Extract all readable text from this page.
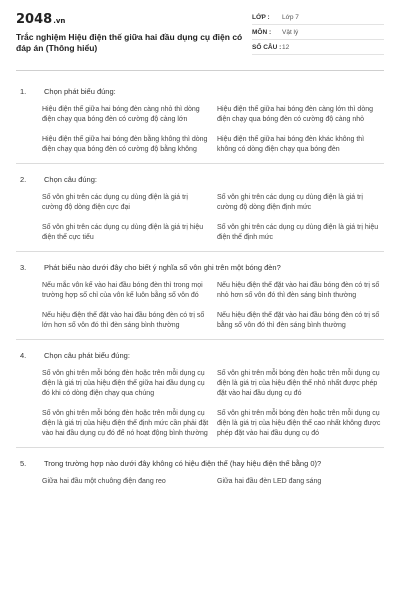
2048.vn
Trắc nghiệm Hiệu điện thế giữa hai đầu dụng cụ điện có đáp án (Thông hiểu)
LỚP :	Lớp 7
MÔN :	Vật lý
SỐ CÂU : 12
1.	Chọn phát biểu đúng:
Hiệu điện thế giữa hai bóng đèn càng nhỏ thì dòng điện chạy qua bóng đèn có cường độ càng lớn
Hiệu điện thế giữa hai bóng đèn càng lớn thì dòng điện chạy qua bóng đèn có cường độ càng nhỏ
Hiệu điện thế giữa hai bóng đèn bằng không thì dòng điện chạy qua bóng đèn có cường độ bằng không
Hiệu điện thế giữa hai bóng đèn khác không thì không có dòng điện chạy qua bóng đèn
2.	Chọn câu đúng:
Số vôn ghi trên các dụng cụ dùng điện là giá trị cường độ dòng điện cực đại
Số vôn ghi trên các dụng cụ dùng điện là giá trị cường độ dòng điện định mức
Số vôn ghi trên các dụng cụ dùng điện là giá trị hiệu điện thế cực tiểu
Số vôn ghi trên các dụng cụ dùng điện là giá trị hiệu điện thế định mức
3.	Phát biểu nào dưới đây cho biết ý nghĩa số vôn ghi trên một bóng đèn?
Nếu mắc vôn kế vào hai đầu bóng đèn thì trong mọi trường hợp số chỉ của vôn kế luôn bằng số vôn đó
Nếu hiệu điện thế đặt vào hai đầu bóng đèn có trị số nhỏ hơn số vôn đó thì đèn sáng bình thường
Nếu hiệu điện thế đặt vào hai đầu bóng đèn có trị số lớn hơn số vôn đó thì đèn sáng bình thường
Nếu hiệu điện thế đặt vào hai đầu bóng đèn có trị số bằng số vôn đó thì đèn sáng bình thường
4.	Chọn câu phát biểu đúng:
Số vôn ghi trên mỗi bóng đèn hoặc trên mỗi dụng cụ điện là giá trị của hiệu điện thế giữa hai đầu dụng cụ đó khi có dòng điện chạy qua chúng
Số vôn ghi trên mỗi bóng đèn hoặc trên mỗi dụng cụ điện là giá trị của hiệu điện thế nhỏ nhất được phép đặt vào hai đầu dụng cụ đó
Số vôn ghi trên mỗi bóng đèn hoặc trên mỗi dụng cụ điện là giá trị của hiệu điện thế định mức cần phải đặt vào hai đầu dụng cụ đó để nó hoạt động bình thường
Số vôn ghi trên mỗi bóng đèn hoặc trên mỗi dụng cụ điện là giá trị của hiệu điện thế cao nhất không được phép đặt vào hai đầu dụng cụ đó
5.	Trong trường hợp nào dưới đây không có hiệu điện thế (hay hiệu điện thế bằng 0)?
Giữa hai đầu một chuông điện đang reo	Giữa hai đầu đèn LED đang sáng
